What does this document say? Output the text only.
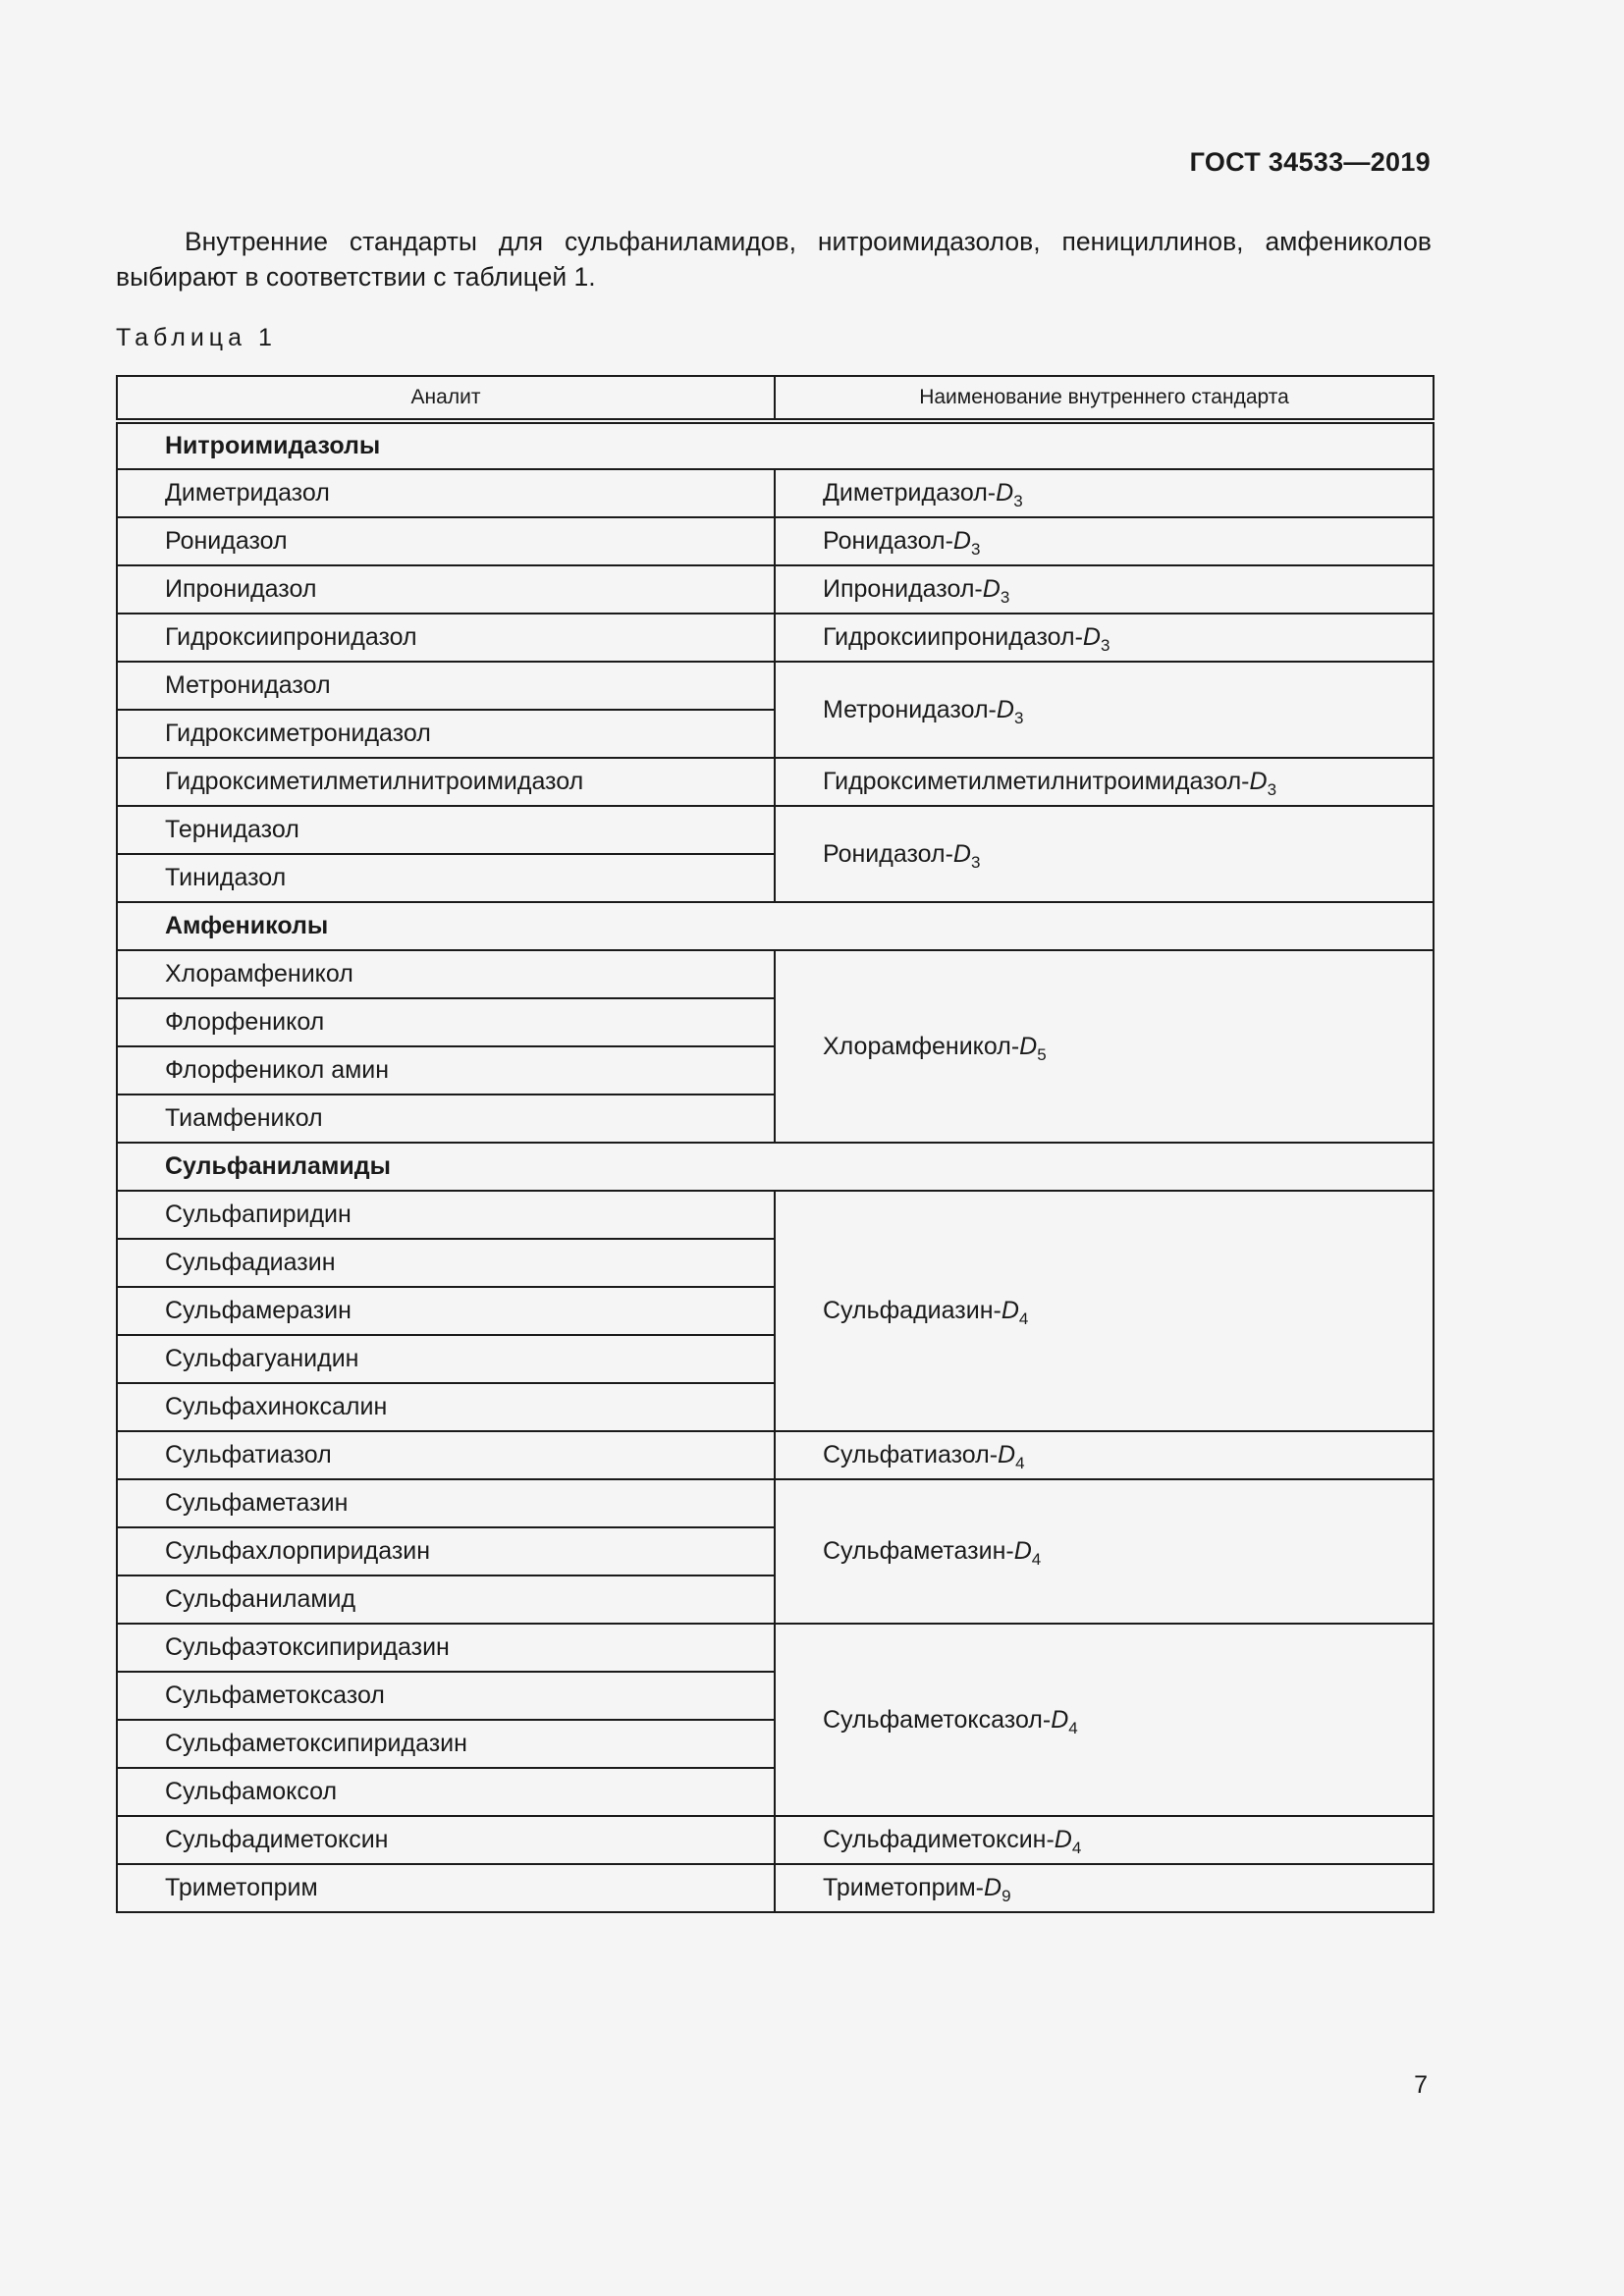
ГОСТ 34533—2019

Внутренние стандарты для сульфаниламидов, нитроимидазолов, пенициллинов, амфениколов выбирают в соответствии с таблицей 1.

Таблица 1
Аналит	Наименование внутреннего стандарта
Нитроимидазолы	
Диметридазол	Диметридазол-$D_3$
Ронидазол	Ронидазол-$D_3$
Ипронидазол	Ипронидазол-$D_3$
Гидроксиипронидазол	Гидроксиипронидазол-$D_3$
Метронидазол	Метронидазол-$D_3$
Гидроксиметронидазол	
Гидроксиметилметилнитроимидазол	Гидроксиметилметилнитроимидазол-$D_3$
Тернидазол	Ронидазол-$D_3$
Тинидазол	
Амфениколы	
Хлорамфеникол	Хлорамфеникол-$D_5$
Флорфеникол	
Флорфеникол амин	
Тиамфеникол	
Сульфаниламиды	
Сульфапиридин	Сульфадиазин-$D_4$
Сульфадиазин	
Сульфамеразин	
Сульфагуанидин	
Сульфахиноксалин	
Сульфатиазол	Сульфатиазол-$D_4$
Сульфаметазин	Сульфаметазин-$D_4$
Сульфахлорпиридазин	
Сульфаниламид	
Сульфаэтоксипиридазин	Сульфаметоксазол-$D_4$
Сульфаметоксазол	
Сульфаметоксипиридазин	
Сульфамоксол	
Сульфадиметоксин	Сульфадиметоксин-$D_4$
Триметоприм	Триметоприм-$D_9$
7
